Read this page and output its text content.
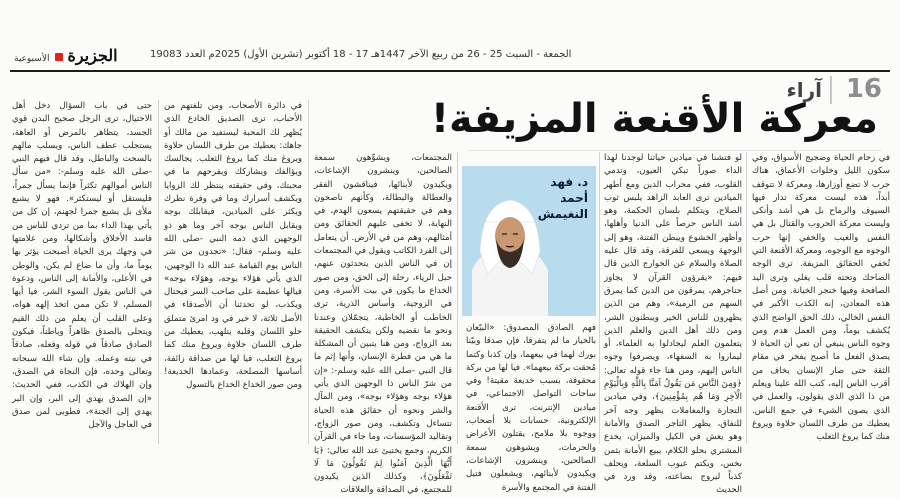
16
آراء
الجمعة - السبت 25 - 26 من ربيع الآخر 1447هـ 17 - 18 أكتوبر (تشرين الأول) 2025م العدد 19083
الجزيرة
الأسبوعية
معركة الأقنعة المزيفة!

في زحام الحياة وضجيج الأسواق، وفي سكون الليل وخلوات الأعماق، هناك حرب لا تضع أوزارها، ومعركة لا تتوقف أبداً، هذه ليست معركة تدار فيها السيوف والرماح بل هي أشد وأنكى وليست معركة الحروب والقتال بل هي النفس والغيب والخفي إنها حرب الوجوه مع الوجوه، ومعركة الأقنعة التي تُخفي الحقائق المزيفة. ترى الوجه الضاحك وتحته قلب يغلي وترى اليد الصافحة وفيها خنجر الخيانة. ومن أصل هذه المعادن، إنه الكذب الأكبر في النفس الخالي، ذلك الحق الواضح الذي يُكشف يوماً، ومن العمل هدم ومن وجوه الناس ينبغي أن نعي أن الحياة لا يصدق الفعل ما أصبح يفخر في مقام الثقة حتى صار الإنسان يخاف من أقرب الناس إليه، كتب الله علينا ويعلم من ذا الذي الذي يقولون، والعمل في الذي يصون الشيء في جمع الناس. يعطيك من طرف اللسان حلاوة ويروغ منك كما يروغ الثعلب

لو فتشنا في ميادين حياتنا لوجدنا لهذا الداء صوراً تبكي العيون، وتدمي القلوب، ففي محراب الدين ومع أطهر الميادين ترى العابد الزاهد يلبس ثوب الصلاح، ويتكلم بلسان الحكمة، وهو أشد الناس حرصاً على الدنيا وأهلها، وأظهر الخشوع ويبطن الفتنة، وهو إلى الوجهة ويسعى للفرقة، وقد قال عليه الصلاة والسلام عن الخوارج الذين قال فيهم: «يقرؤون القرآن لا يجاوز حناجرهم، يمرقون من الدين كما يمرق السهم من الرمية»، وهم من الذين يظهرون للناس الخير ويبطنون الشر، ومن ذلك أهل الدين والعلم الذين يتعلمون العلم ليجادلوا به العلماء، أو ليماروا به السفهاء، ويصرفوا وجوه الناس إليهم، ومن هنا جاء قوله تعالى: ﴿وَمِنَ النَّاسِ مَن يَقُولُ آمَنَّا بِاللَّهِ وَبِالْيَوْمِ الْآخِرِ وَمَا هُم بِمُؤْمِنِينَ﴾، وفي ميادين التجارة والمعاملات يظهر وجه آخر للنفاق، يظهر التاجر الصدق والأمانة وهو يغش في الكيل والميزان، يخدع المشتري بحلو الكلام، يبيع الأمانة بثمن بخس، ويكتم عيوب السلعة، ويحلف كذباً ليروج بضاعته، وقد ورد في الحديث

د. فهد أحمد النغيمش

فهم الصادق المصدوق: «البيّعان بالخيار ما لم يتفرقا، فإن صدقا وبيّنا بورك لهما في بيعهما، وإن كذبا وكتما مُحقت بركة بيعهما». فيا لها من بركة محقوقة، بسبب خديعة مقيتة! وفي ساحات التواصل الاجتماعي، في ميادين الإنترنت، ترى الأقنعة الإلكترونية، حسابات بلا أصحاب، ووجوه بلا ملامح، يقتلون الأعراض والحرمات، ويشوهون سمعة الصالحين، وينشرون الإشاعات، ويكيدون لأبنائهم، ويشعلون فتيل الفتنة في المجتمع والأسرة

المجتمعات، ويشوِّهون سمعة الصالحين، وينشرون الإشاعات، ويكيدون لأبنائها، فيناقشون الفقر والعطالة والبطالة، وكأنهم ناصحون وهم في حقيقتهم يسعون الهدم، في النهاية، لا تخفى عليهم الحقائق ومن أمثالهم، وهم من في الأرض. أن يتعامل إلى الفرد الكاتب ويقول في المجتمعات إن في الناس الذين يتحدثون عنهم، حبل الرياء، رحلة إلى الحق، ومن صور الخداع ما يكون في بيت الأسرة، ومن في الزوجية، وأساس الذرية، ترى الخاطب أو الخاطبة، يتجمّلان وعندنا ونحو ما نقضيه ولكن يتكشف الحقيقة بعد الزواج، ومن هنا يتبين أن المشكلة ما هي من فطرة الإنسان، وأنها إثم ما قال النبي -صلى الله عليه وسلم-: «إن من شرّ الناس ذا الوجهين الذي يأتي هؤلاء بوجه وهؤلاء بوجه»، ومن المآل والشر ونحوه أن حقائق هذه الحياة تتساءل وتكشف، ومن صور الزواج، وتقاليد المؤسسات، وما جاء في القرآن الكريم، وجمع يختبئ عند الله تعالى: ﴿يَا أَيُّهَا الَّذِينَ آمَنُوا لِمَ تَقُولُونَ مَا لَا تَفْعَلُونَ﴾، وكذلك الذين يكيدون للمجتمع، في الصداقة والعلاقات

في دائرة الأصحاب، ومن تلفتهم من الأحباب، ترى الصديق الخادع الذي يُظهر لك المحبة ليستفيد من مالك أو جاهك: يعطيك من طرف اللسان حلاوة ويروغ منك كما يروغ الثعلب. يجالسك ويؤالفك ويشاركك ويفرحهم ما في محبتك، وفي حقيقته ينتظر لك الزوايا ويكشف أسرارك وما في وفرة نظرك ويكثر على الميادين، فيقابلك بوجه ويقابل الناس بوجه آخر وما هو ذو الوجهين الذي ذمه النبي -صلى الله عليه وسلم- فقال: «تجدون من شر الناس يوم القيامة عند الله ذا الوجهين، الذي يأتي هؤلاء بوجه، وهؤلاء بوجه» فيالها عظيمة على صاحب السر فيحتال ويكذب، لو تحدثنا أن الأصدقاء في الأصل ثلاثة، لا خير في ود امرئ متملق حلو اللسان وقلبه يتلهب، يعطيك من طرف اللسان حلاوة ويروغ منك كما يروغ الثعلب، فيا لها من صداقة زائفة، أساسها المصلحة، وعمادها الخديعة! ومن صور الخداع الخداع بالتسول

حتى في باب السؤال دخل أهل الاحتيال، ترى الرجل صحيح البدن قوي الجسد، يتظاهر بالمرض أو العاهة، يستجلب عطف الناس، ويسلب مالهم بالسحت والباطل، وقد قال فيهم النبي -صلى الله عليه وسلم-: «من سأل الناس أموالهم تكثراً فإنما يسأل جمراً، فليستقل أو ليستكثر». فهو لا يشبع ملأى بل يشبع جمرا لجهنم، إن كل من يأتي بهذا الداء بما من تردي للناس من فاسد الأخلاق وأشكالها، ومن علامتها في وجهك يرى الحياة أصبحت يؤثر بها يوماً ما، وأن ما ضاع لم يكن، والوطن في الأعلى، والأمانة إلى الناس، ودعوة في الناس يقول السوء الشر، فيا أيها المسلم، لا تكن ممن اتخذ إلهه هواه، وعلى القلب أن يعلم من ذلك القيم ويتحلى بالصدق ظاهراً وباطناً، فيكون الصادق صادقاً في قوله وفعله، صادقاً في نيته وعمله. وإن شاء الله سبحانه وتعالى وحده، فإن النجاة في الصدق، وإن الهلاك في الكذب، ففي الحديث: «إن الصدق يهدي إلى البر، وإن البر يهدي إلى الجنة»، فطوبى لمن صدق في العاجل والآجل
